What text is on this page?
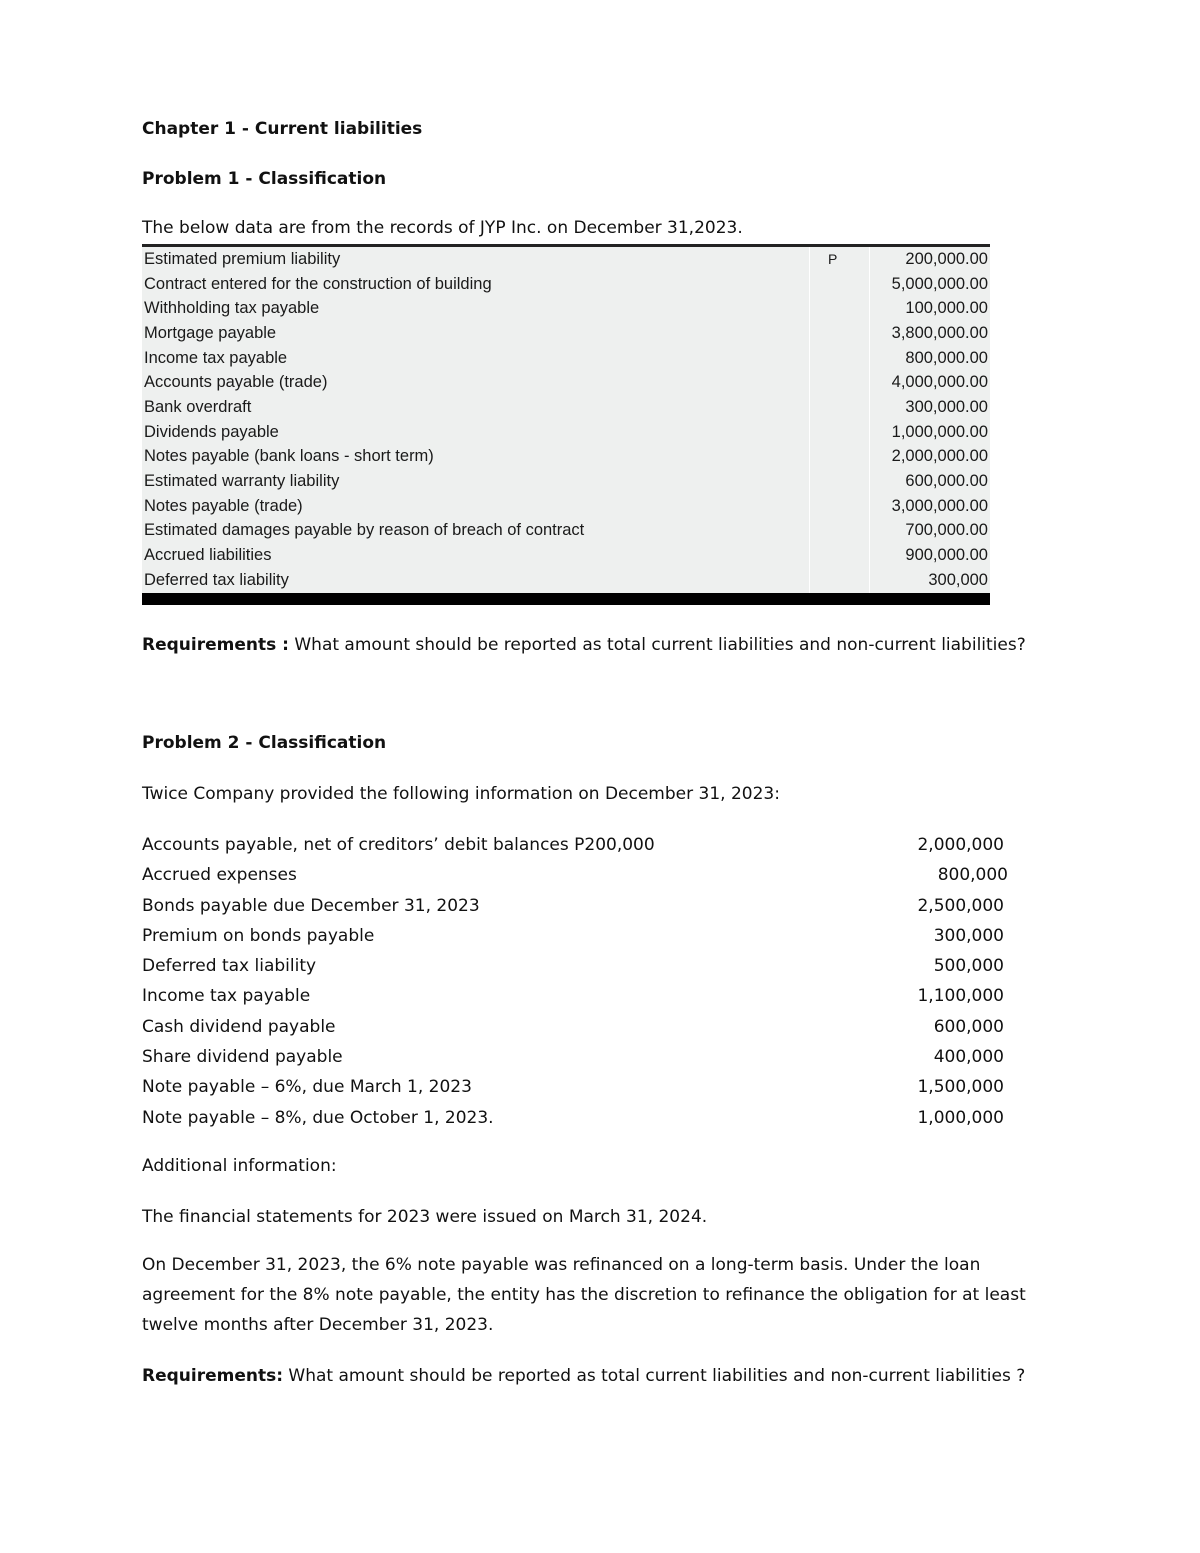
Chapter 1 - Current liabilities

Problem 1 - Classification

The below data are from the records of JYP Inc. on December 31,2023.

Estimated premium liability	P	200,000.00
Contract entered for the construction of building	5,000,000.00
Withholding tax payable	100,000.00
Mortgage payable	3,800,000.00
Income tax payable	800,000.00
Accounts payable (trade)	4,000,000.00
Bank overdraft	300,000.00
Dividends payable	1,000,000.00
Notes payable (bank loans - short term)	2,000,000.00
Estimated warranty liability	600,000.00
Notes payable (trade)	3,000,000.00
Estimated damages payable by reason of breach of contract	700,000.00
Accrued liabilities	900,000.00
Deferred tax liability	300,000

Requirements : What amount should be reported as total current liabilities and non-current liabilities?

Problem 2 - Classification

Twice Company provided the following information on December 31, 2023:

Accounts payable, net of creditors’ debit balances P200,000	2,000,000
Accrued expenses	800,000
Bonds payable due December 31, 2023	2,500,000
Premium on bonds payable	300,000
Deferred tax liability	500,000
Income tax payable	1,100,000
Cash dividend payable	600,000
Share dividend payable	400,000
Note payable – 6%, due March 1, 2023	1,500,000
Note payable – 8%, due October 1, 2023.	1,000,000

Additional information:

The financial statements for 2023 were issued on March 31, 2024.

On December 31, 2023, the 6% note payable was refinanced on a long-term basis. Under the loan agreement for the 8% note payable, the entity has the discretion to refinance the obligation for at least twelve months after December 31, 2023.

Requirements: What amount should be reported as total current liabilities and non-current liabilities ?
